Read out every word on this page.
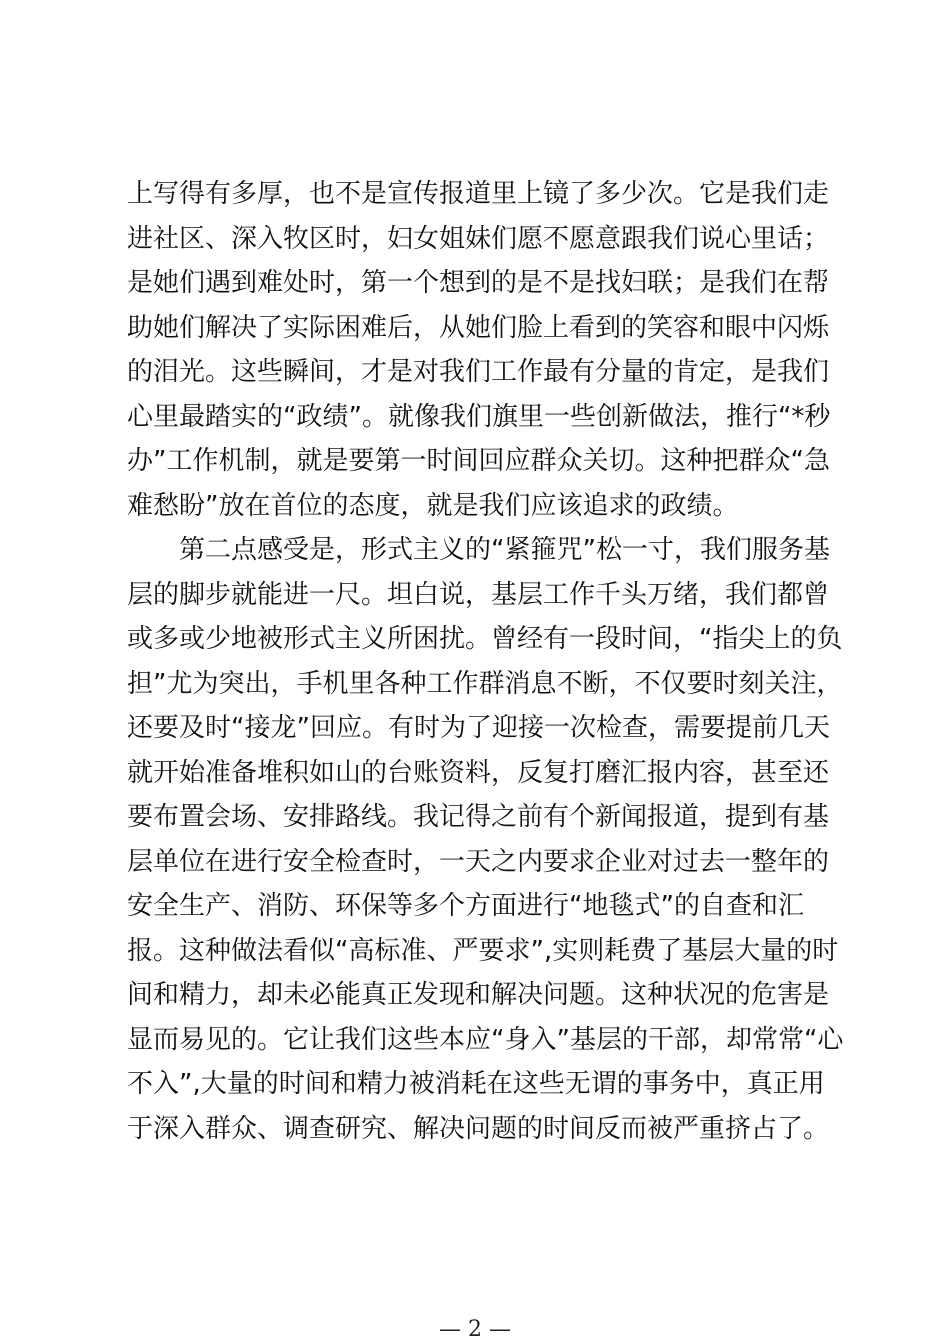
上写得有多厚，也不是宣传报道里上镜了多少次。它是我们走
进社区、深入牧区时，妇女姐妹们愿不愿意跟我们说心里话；
是她们遇到难处时，第一个想到的是不是找妇联；是我们在帮
助她们解决了实际困难后，从她们脸上看到的笑容和眼中闪烁
的泪光。这些瞬间，才是对我们工作最有分量的肯定，是我们
心里最踏实的“政绩”。就像我们旗里一些创新做法，推行“*秒
办”工作机制，就是要第一时间回应群众关切。这种把群众“急
难愁盼”放在首位的态度，就是我们应该追求的政绩。
第二点感受是，形式主义的“紧箍咒”松一寸，我们服务基
层的脚步就能进一尺。坦白说，基层工作千头万绪，我们都曾
或多或少地被形式主义所困扰。曾经有一段时间，“指尖上的负
担”尤为突出，手机里各种工作群消息不断，不仅要时刻关注，
还要及时“接龙”回应。有时为了迎接一次检查，需要提前几天
就开始准备堆积如山的台账资料，反复打磨汇报内容，甚至还
要布置会场、安排路线。我记得之前有个新闻报道，提到有基
层单位在进行安全检查时，一天之内要求企业对过去一整年的
安全生产、消防、环保等多个方面进行“地毯式”的自查和汇
报。这种做法看似“高标准、严要求”,实则耗费了基层大量的时
间和精力，却未必能真正发现和解决问题。这种状况的危害是
显而易见的。它让我们这些本应“身入”基层的干部，却常常“心
不入”,大量的时间和精力被消耗在这些无谓的事务中，真正用
于深入群众、调查研究、解决问题的时间反而被严重挤占了。
— 2 —
